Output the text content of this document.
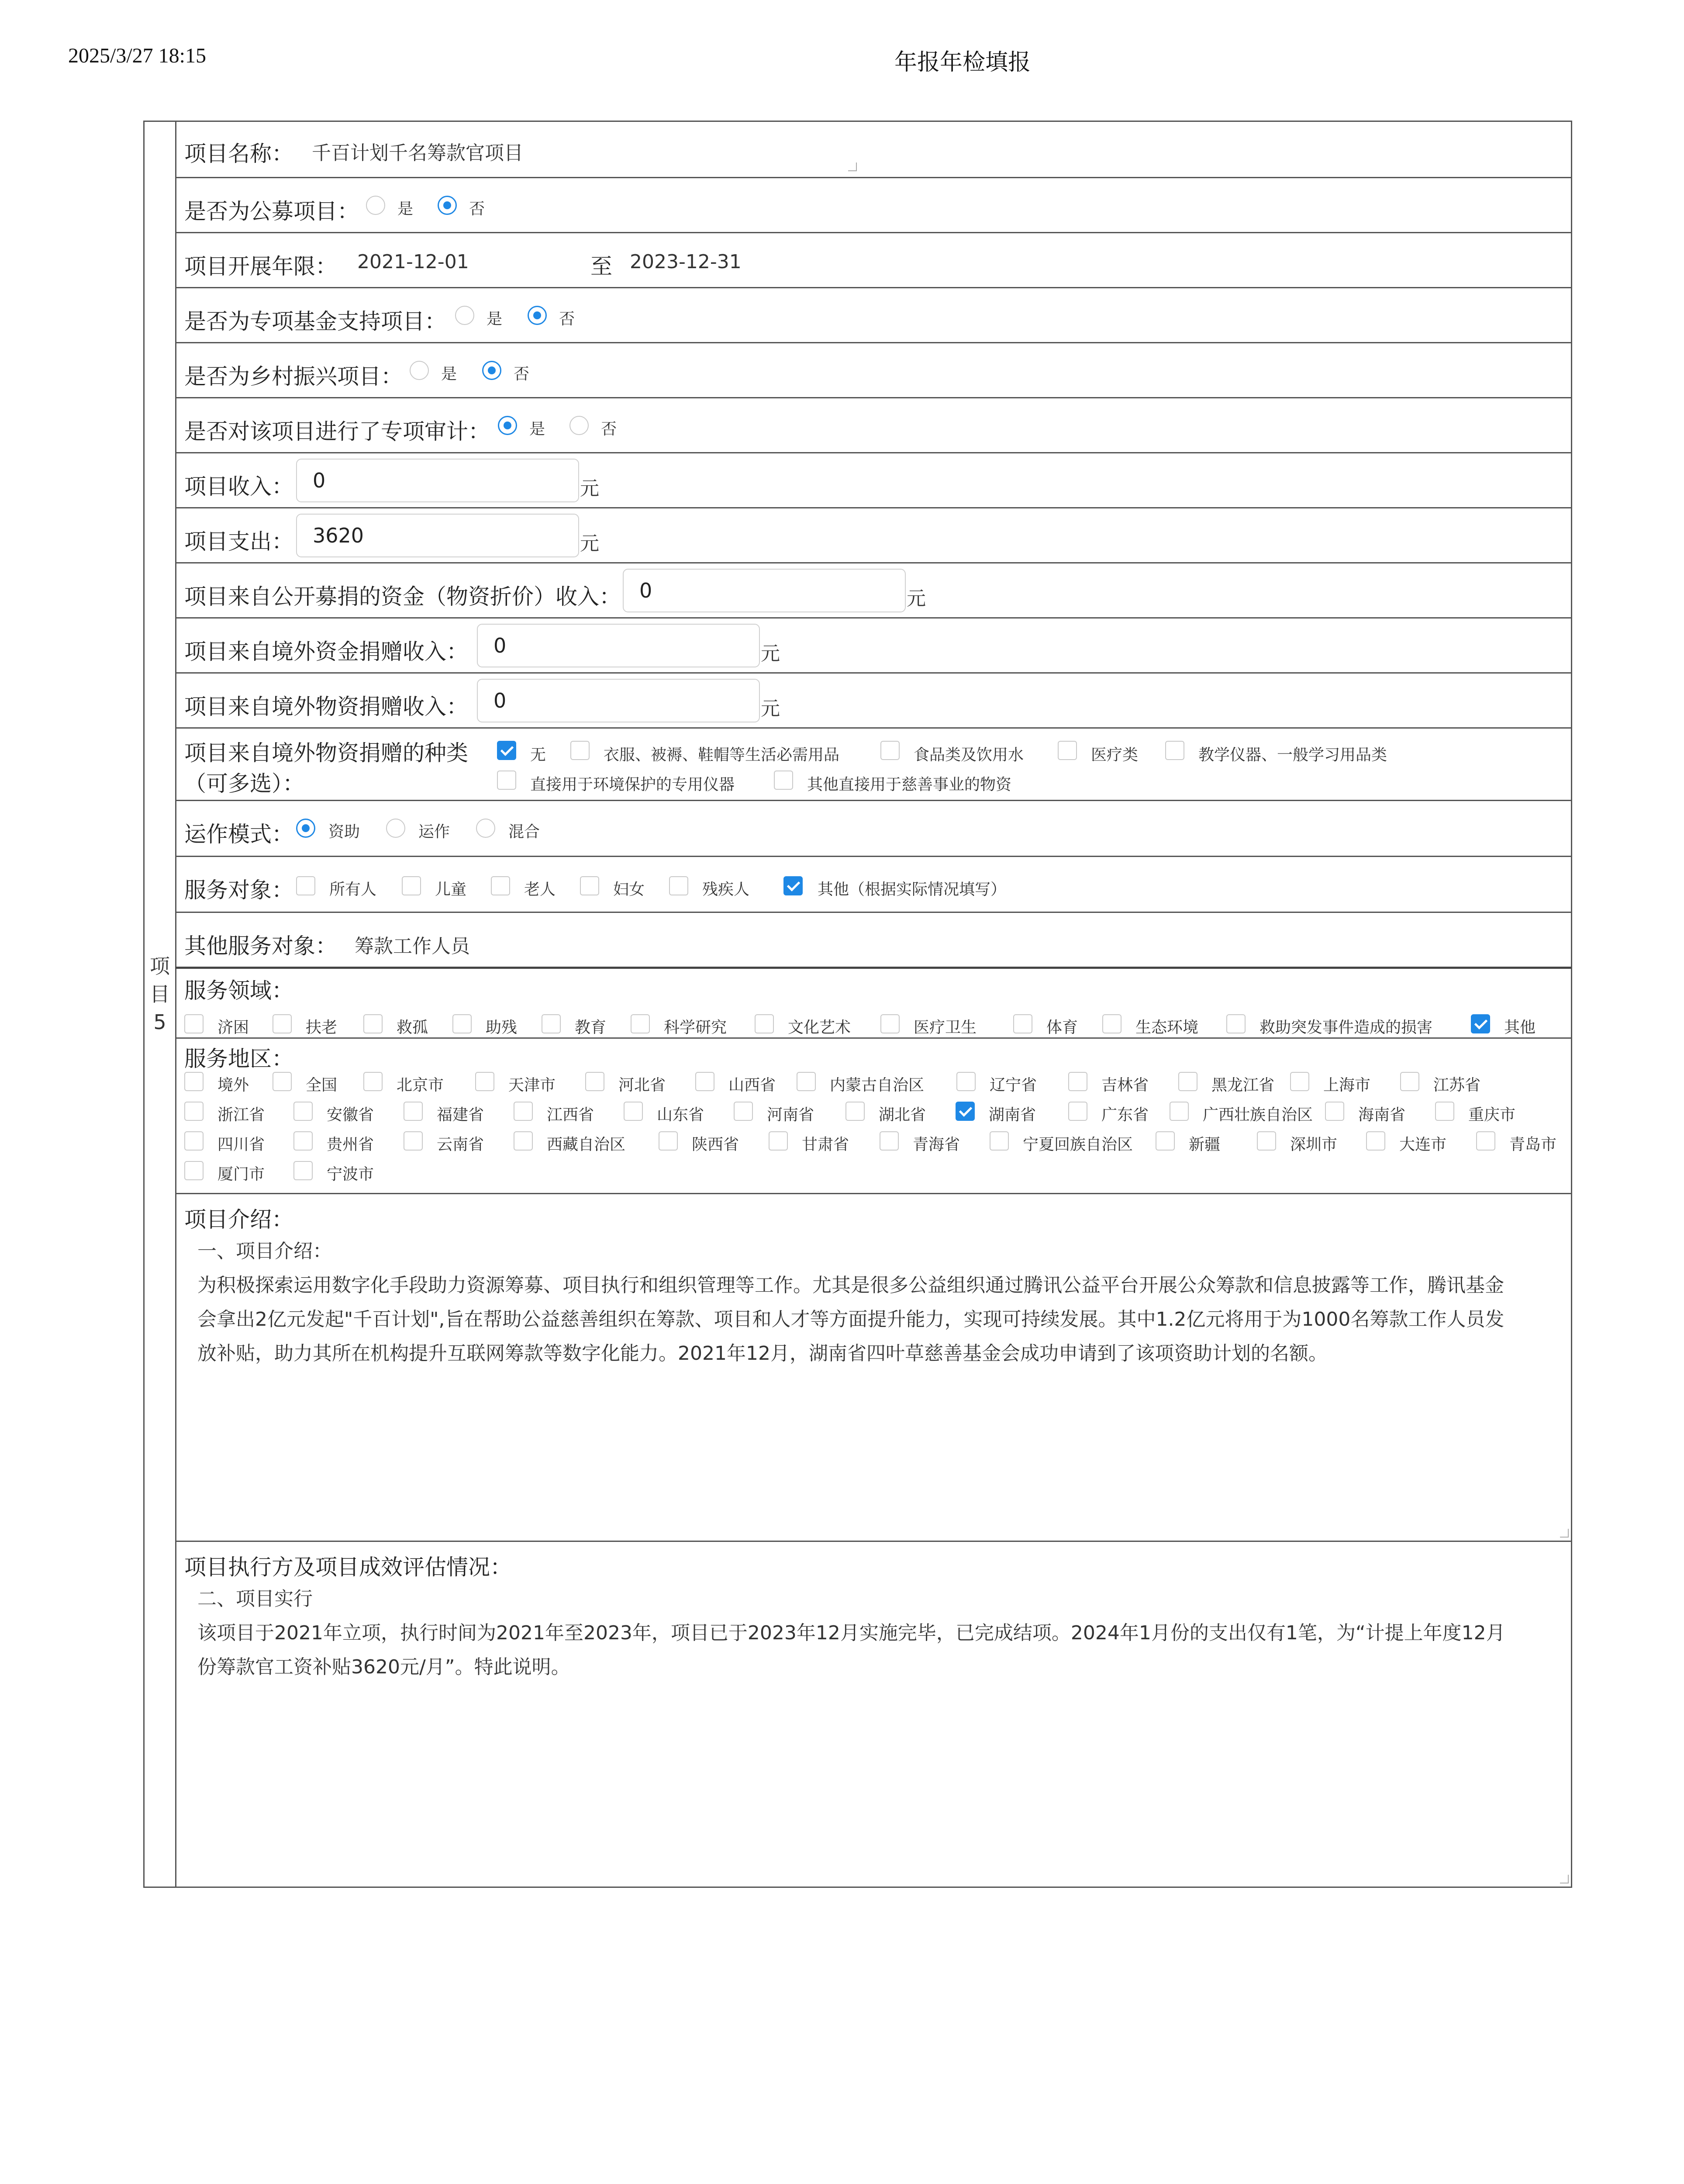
2025/3/27 18:15	年报年检填报
项
目
5
项目名称： 千百计划千名筹款官项目
是否为公募项目： 是	否
项目开展年限： 2021-12-01	至 2023-12-31
是否为专项基金支持项目：	是	否
是否为乡村振兴项目： 是	否
是否对该项目进行了专项审计：	是	否
项目收入： 0	元
项目支出： 3620	元
项目来自公开募捐的资金（物资折价）收入： 0	元
项目来自境外资金捐赠收入：	0	元
项目来自境外物资捐赠收入：	0	元
项目来自境外物资捐赠的种类
（可多选）：
无	衣服、被褥、鞋帽等生活必需用品	食品类及饮用水	医疗类	教学仪器、一般学习用品类
直接用于环境保护的专用仪器	其他直接用于慈善事业的物资
运作模式： 资助	运作	混合
服务对象： 所有人	儿童	老人	妇女	残疾人	其他（根据实际情况填写）
其他服务对象： 筹款工作人员
服务领域：
济困	扶老	救孤	助残	教育	科学研究	文化艺术	医疗卫生	体育	生态环境	救助突发事件造成的损害	其他
服务地区：
境外	全国	北京市	天津市	河北省	山西省	内蒙古自治区	辽宁省	吉林省	黑龙江省	上海市	江苏省
浙江省	安徽省	福建省	江西省	山东省	河南省	湖北省	湖南省	广东省	广西壮族自治区	海南省	重庆市
四川省	贵州省	云南省	西藏自治区	陕西省	甘肃省	青海省	宁夏回族自治区	新疆	深圳市	大连市	青岛市
厦门市	宁波市
项目介绍：
一、项目介绍：
为积极探索运用数字化手段助力资源筹募、项目执行和组织管理等工作。尤其是很多公益组织通过腾讯公益平台开展公众筹款和信息披露等工作，腾讯基金
会拿出2亿元发起"千百计划",旨在帮助公益慈善组织在筹款、项目和人才等方面提升能力，实现可持续发展。其中1.2亿元将用于为1000名筹款工作人员发
放补贴，助力其所在机构提升互联网筹款等数字化能力。2021年12月，湖南省四叶草慈善基金会成功申请到了该项资助计划的名额。
项目执行方及项目成效评估情况：
二、项目实行
该项目于2021年立项，执行时间为2021年至2023年，项目已于2023年12月实施完毕，已完成结项。2024年1月份的支出仅有1笔，为“计提上年度12月
份筹款官工资补贴3620元/月”。特此说明。
